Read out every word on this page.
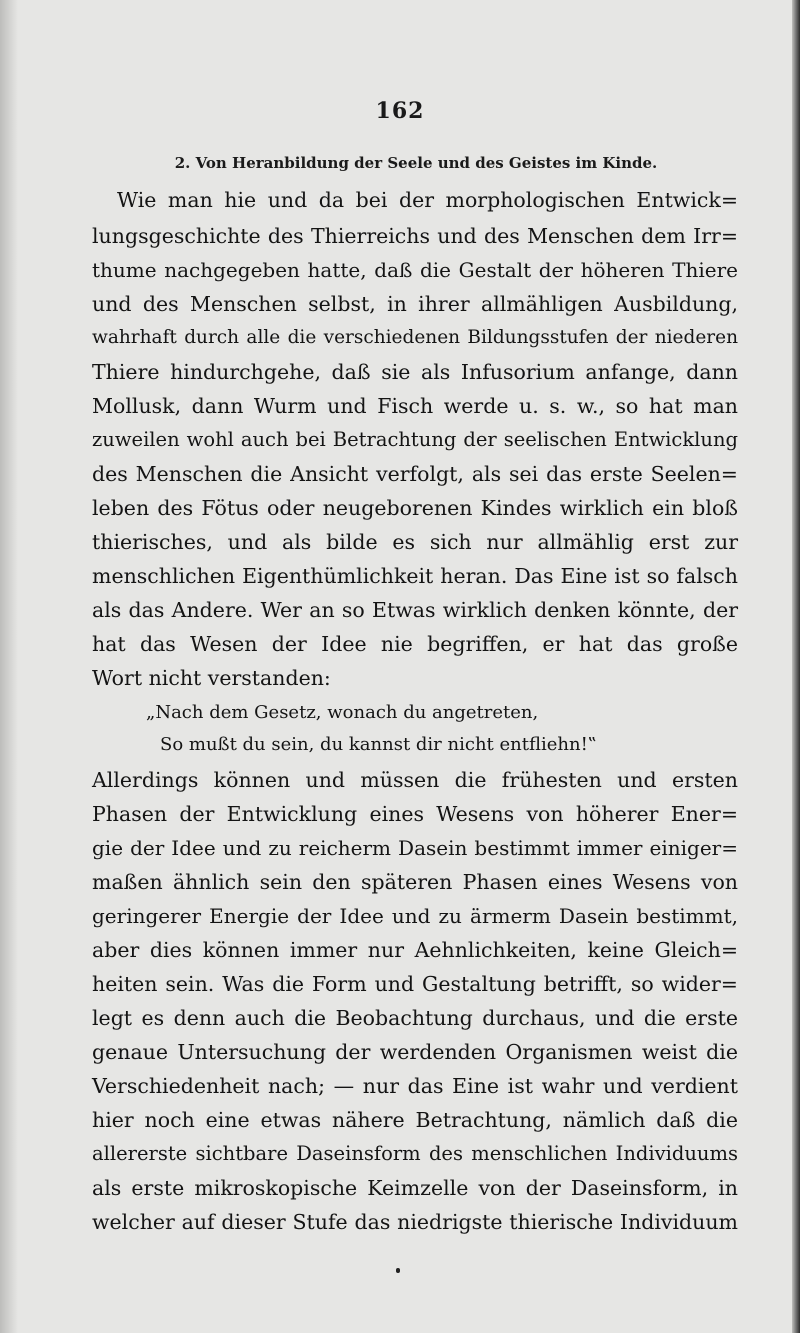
162
2. Von Heranbildung der Seele und des Geistes im Kinde.
Wie man hie und da bei der morphologischen Entwick=
lungsgeschichte des Thierreichs und des Menschen dem Irr=
thume nachgegeben hatte, daß die Gestalt der höheren Thiere
und des Menschen selbst, in ihrer allmähligen Ausbildung,
wahrhaft durch alle die verschiedenen Bildungsstufen der niederen
Thiere hindurchgehe, daß sie als Infusorium anfange, dann
Mollusk, dann Wurm und Fisch werde u. s. w., so hat man
zuweilen wohl auch bei Betrachtung der seelischen Entwicklung
des Menschen die Ansicht verfolgt, als sei das erste Seelen=
leben des Fötus oder neugeborenen Kindes wirklich ein bloß
thierisches, und als bilde es sich nur allmählig erst zur
menschlichen Eigenthümlichkeit heran. Das Eine ist so falsch
als das Andere. Wer an so Etwas wirklich denken könnte, der
hat das Wesen der Idee nie begriffen, er hat das große
Wort nicht verstanden:
„Nach dem Gesetz, wonach du angetreten,
So mußt du sein, du kannst dir nicht entfliehn!‟
Allerdings können und müssen die frühesten und ersten
Phasen der Entwicklung eines Wesens von höherer Ener=
gie der Idee und zu reicherm Dasein bestimmt immer einiger=
maßen ähnlich sein den späteren Phasen eines Wesens von
geringerer Energie der Idee und zu ärmerm Dasein bestimmt,
aber dies können immer nur Aehnlichkeiten, keine Gleich=
heiten sein. Was die Form und Gestaltung betrifft, so wider=
legt es denn auch die Beobachtung durchaus, und die erste
genaue Untersuchung der werdenden Organismen weist die
Verschiedenheit nach; — nur das Eine ist wahr und verdient
hier noch eine etwas nähere Betrachtung, nämlich daß die
allererste sichtbare Daseinsform des menschlichen Individuums
als erste mikroskopische Keimzelle von der Daseinsform, in
welcher auf dieser Stufe das niedrigste thierische Individuum
